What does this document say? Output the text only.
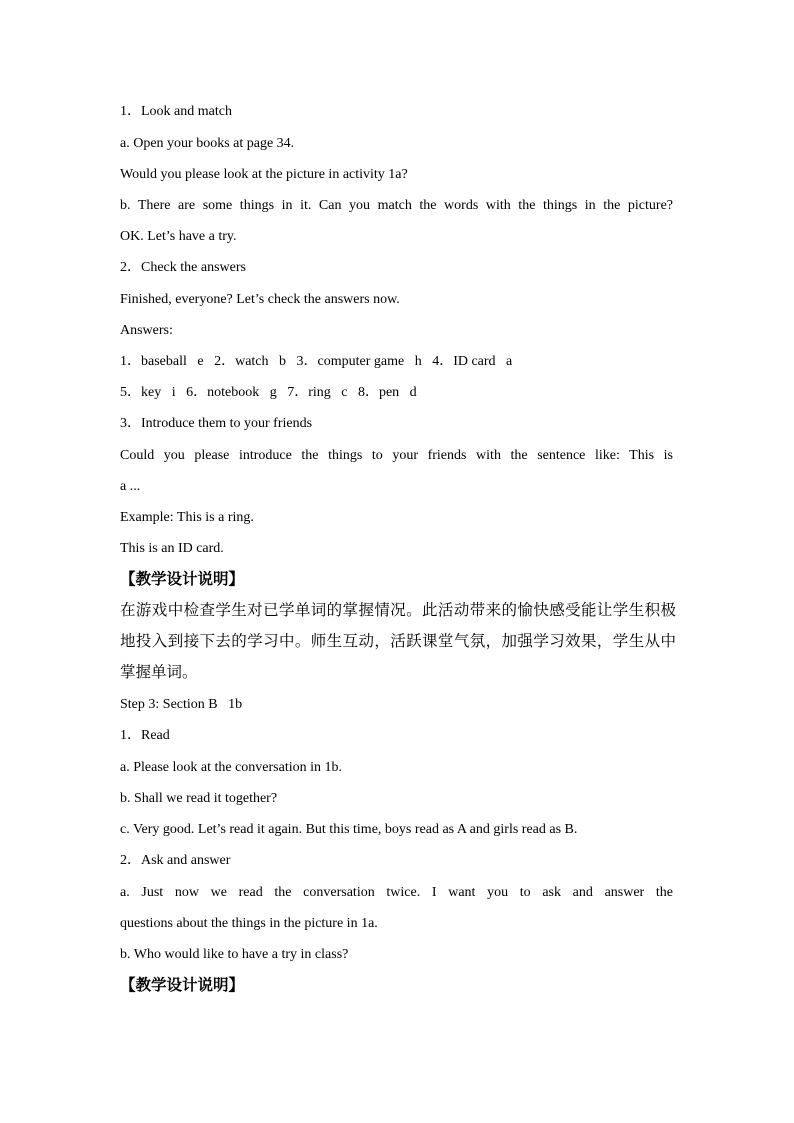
1．Look and match
a. Open your books at page 34.
Would you please look at the picture in activity 1a?
b. There are some things in it. Can you match the words with the things in the picture?
OK. Let’s have a try.
2．Check the answers
Finished, everyone? Let’s check the answers now.
Answers:
1．baseball   e   2．watch   b   3．computer game   h   4．ID card   a
5．key   i   6．notebook   g   7．ring   c   8．pen   d
3．Introduce them to your friends
Could you please introduce the things to your friends with the sentence like: This is
a ...
Example: This is a ring.
This is an ID card.
【教学设计说明】
在游戏中检查学生对已学单词的掌握情况。此活动带来的愉快感受能让学生积极
地投入到接下去的学习中。师生互动，活跃课堂气氛，加强学习效果，学生从中
掌握单词。
Step 3: Section B   1b
1．Read
a. Please look at the conversation in 1b.
b. Shall we read it together?
c. Very good. Let’s read it again. But this time, boys read as A and girls read as B.
2．Ask and answer
a. Just now we read the conversation twice. I want you to ask and answer the
questions about the things in the picture in 1a.
b. Who would like to have a try in class?
【教学设计说明】
